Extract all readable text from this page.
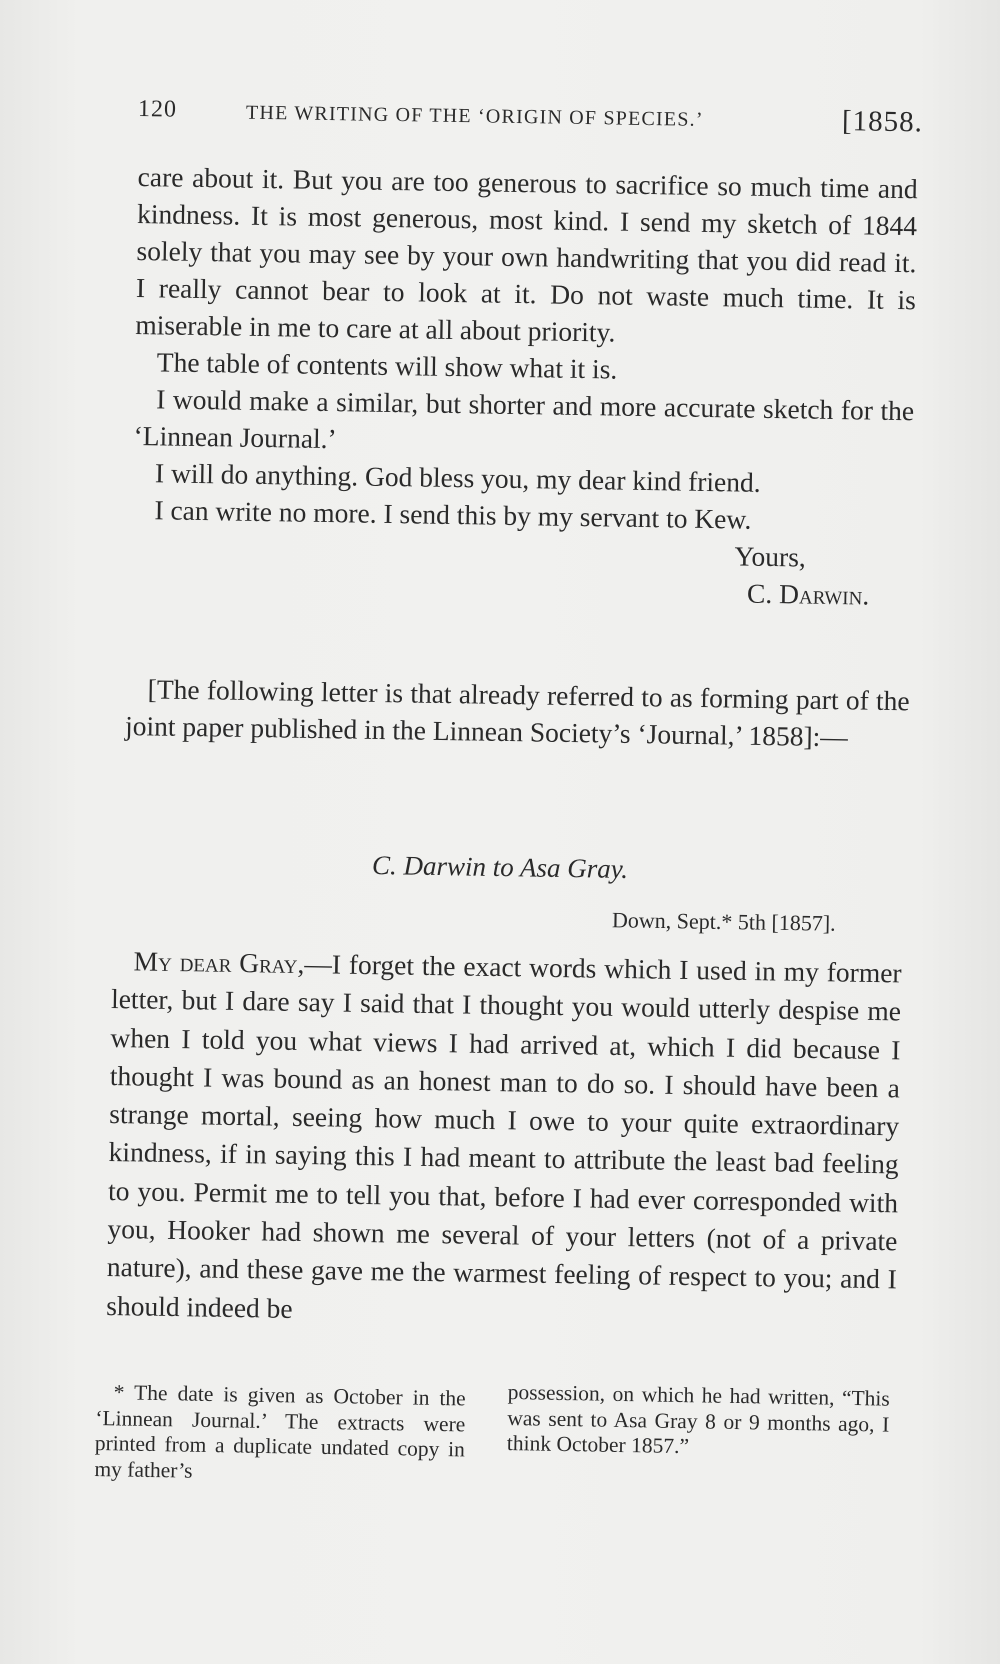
120	THE WRITING OF THE ‘ORIGIN OF SPECIES.’	[1858.

care about it. But you are too generous to sacrifice so much time and kindness. It is most generous, most kind. I send my sketch of 1844 solely that you may see by your own handwriting that you did read it. I really cannot bear to look at it. Do not waste much time. It is miserable in me to care at all about priority.

The table of contents will show what it is.

I would make a similar, but shorter and more accurate sketch for the ‘Linnean Journal.’

I will do anything. God bless you, my dear kind friend.

I can write no more. I send this by my servant to Kew.

Yours,

C. Darwin.

[The following letter is that already referred to as forming part of the joint paper published in the Linnean Society’s ‘Journal,’ 1858]:—

C. Darwin to Asa Gray.
Down, Sept.* 5th [1857].

My dear Gray,—I forget the exact words which I used in my former letter, but I dare say I said that I thought you would utterly despise me when I told you what views I had arrived at, which I did because I thought I was bound as an honest man to do so. I should have been a strange mortal, seeing how much I owe to your quite extraordinary kindness, if in saying this I had meant to attribute the least bad feeling to you. Permit me to tell you that, before I had ever corresponded with you, Hooker had shown me several of your letters (not of a private nature), and these gave me the warmest feeling of respect to you; and I should indeed be

* The date is given as October in the ‘Linnean Journal.’ The extracts were printed from a duplicate undated copy in my father’s

possession, on which he had written, “This was sent to Asa Gray 8 or 9 months ago, I think October 1857.”
